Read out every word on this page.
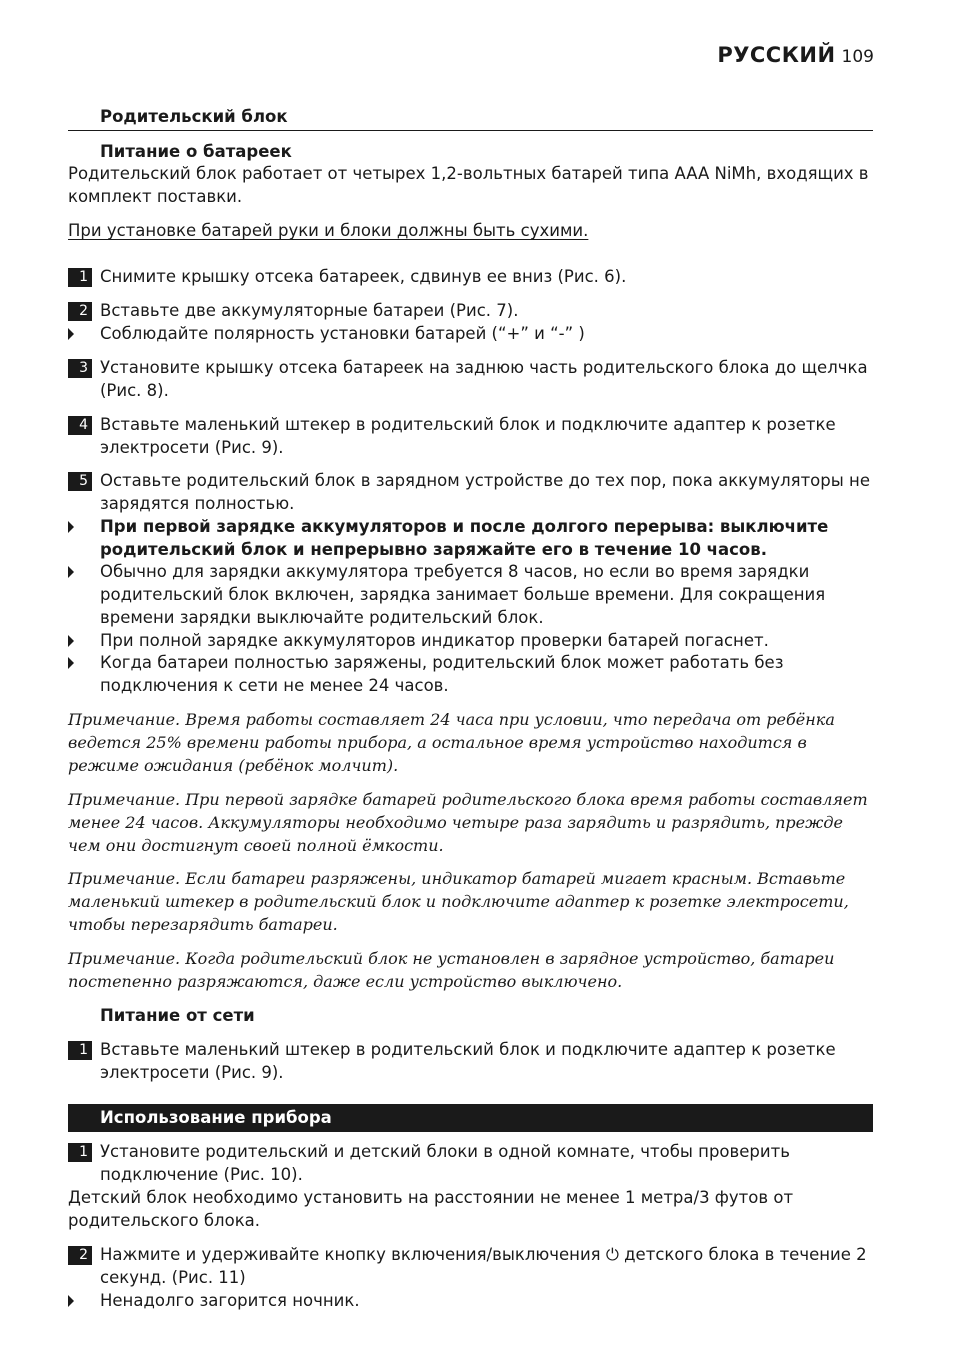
РУССКИЙ 109
Родительский блок
Питание о батареек
Родительский блок работает от четырех 1,2-вольтных батарей типа AAA NiMh, входящих в комплект поставки.
При установке батарей руки и блоки должны быть сухими.
1 Снимите крышку отсека батареек, сдвинув ее вниз (Рис. 6).
2 Вставьте две аккумуляторные батареи (Рис. 7).
Соблюдайте полярность установки батарей (“+” и “-” )
3 Установите крышку отсека батареек на заднюю часть родительского блока до щелчка (Рис. 8).
4 Вставьте маленький штекер в родительский блок и подключите адаптер к розетке электросети (Рис. 9).
5 Оставьте родительский блок в зарядном устройстве до тех пор, пока аккумуляторы не зарядятся полностью.
При первой зарядке аккумуляторов и после долгого перерыва: выключите родительский блок и непрерывно заряжайте его в течение 10 часов.
Обычно для зарядки аккумулятора требуется 8 часов, но если во время зарядки родительский блок включен, зарядка занимает больше времени. Для сокращения времени зарядки выключайте родительский блок.
При полной зарядке аккумуляторов индикатор проверки батарей погаснет.
Когда батареи полностью заряжены, родительский блок может работать без подключения к сети не менее 24 часов.
Примечание. Время работы составляет 24 часа при условии, что передача от ребёнка ведется 25% времени работы прибора, а остальное время устройство находится в режиме ожидания (ребёнок молчит).
Примечание. При первой зарядке батарей родительского блока время работы составляет менее 24 часов. Аккумуляторы необходимо четыре раза зарядить и разрядить, прежде чем они достигнут своей полной ёмкости.
Примечание. Если батареи разряжены, индикатор батарей мигает красным. Вставьте маленький штекер в родительский блок и подключите адаптер к розетке электросети, чтобы перезарядить батареи.
Примечание. Когда родительский блок не установлен в зарядное устройство, батареи постепенно разряжаются, даже если устройство выключено.
Питание от сети
1 Вставьте маленький штекер в родительский блок и подключите адаптер к розетке электросети (Рис. 9).
Использование прибора
1 Установите родительский и детский блоки в одной комнате, чтобы проверить подключение (Рис. 10).
Детский блок необходимо установить на расстоянии не менее 1 метра/3 футов от родительского блока.
2 Нажмите и удерживайте кнопку включения/выключения ⏻ детского блока в течение 2 секунд. (Рис. 11)
Ненадолго загорится ночник.
